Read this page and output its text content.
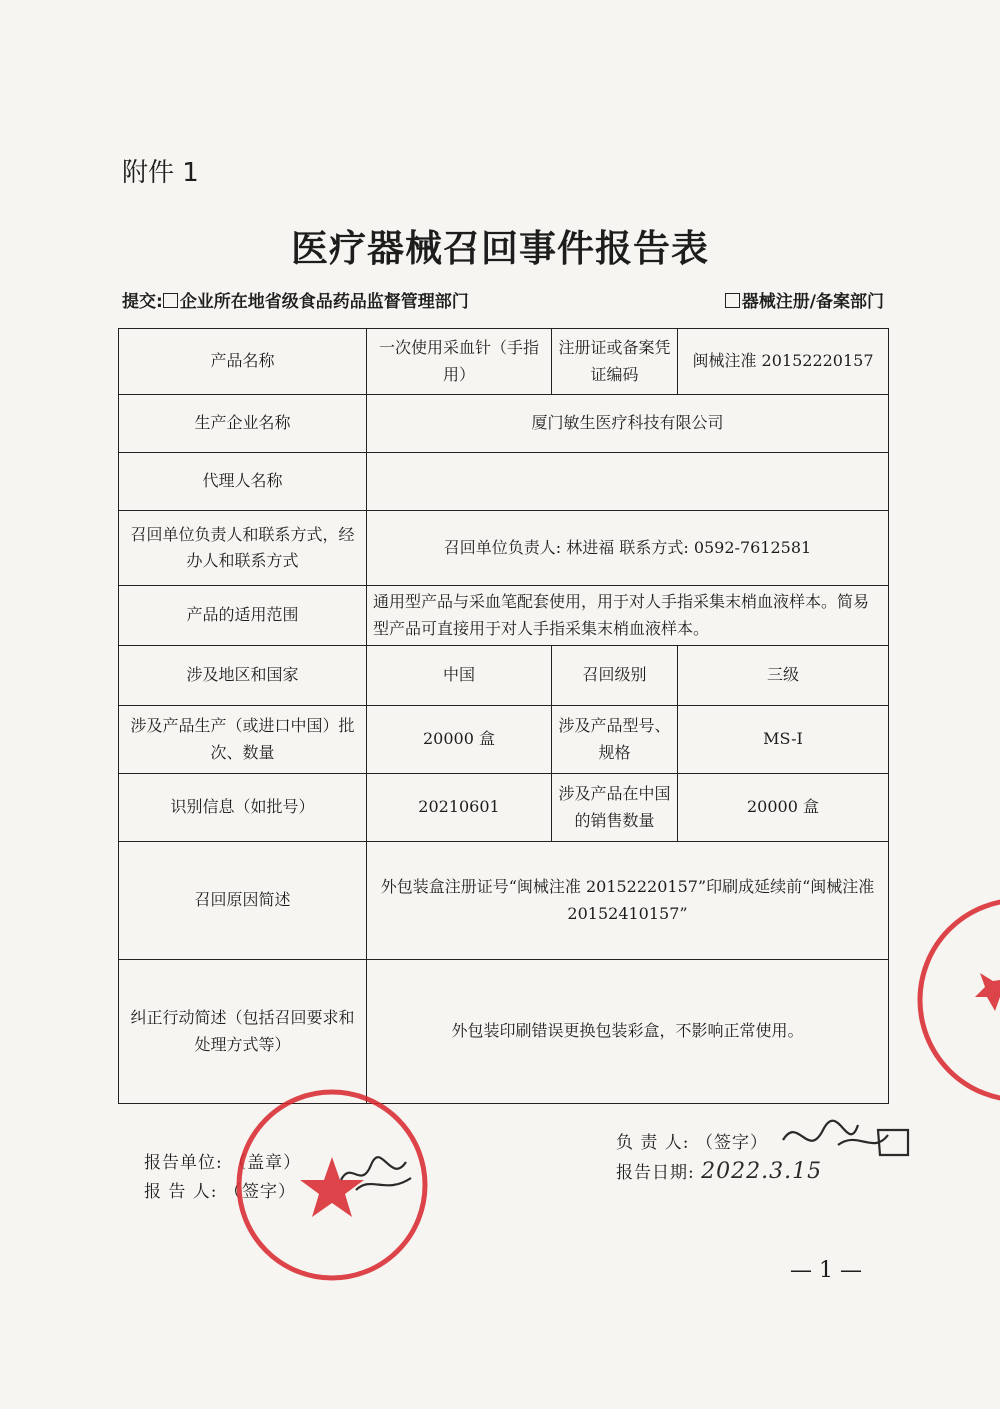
附件 1
医疗器械召回事件报告表
提交: 企业所在地省级食品药品监督管理部门	器械注册/备案部门
产品名称	一次使用采血针（手指用）	注册证或备案凭证编码	闽械注准 20152220157
生产企业名称	厦门敏生医疗科技有限公司		
代理人名称			
召回单位负责人和联系方式，经办人和联系方式	召回单位负责人: 林进福 联系方式: 0592-7612581		
产品的适用范围	通用型产品与采血笔配套使用，用于对人手指采集末梢血液样本。简易型产品可直接用于对人手指采集末梢血液样本。		
涉及地区和国家	中国	召回级别	三级
涉及产品生产（或进口中国）批次、数量	20000 盒	涉及产品型号、规格	MS-I
识别信息（如批号）	20210601	涉及产品在中国的销售数量	20000 盒
召回原因简述	外包装盒注册证号“闽械注准 20152220157”印刷成延续前“闽械注准 20152410157”		
纠正行动简述（包括召回要求和处理方式等）	外包装印刷错误更换包装彩盒，不影响正常使用。		
报告单位: （盖章）
报 告 人: （签字）
负 责 人: （签字）
报告日期: 2022.3.15
— 1 —
